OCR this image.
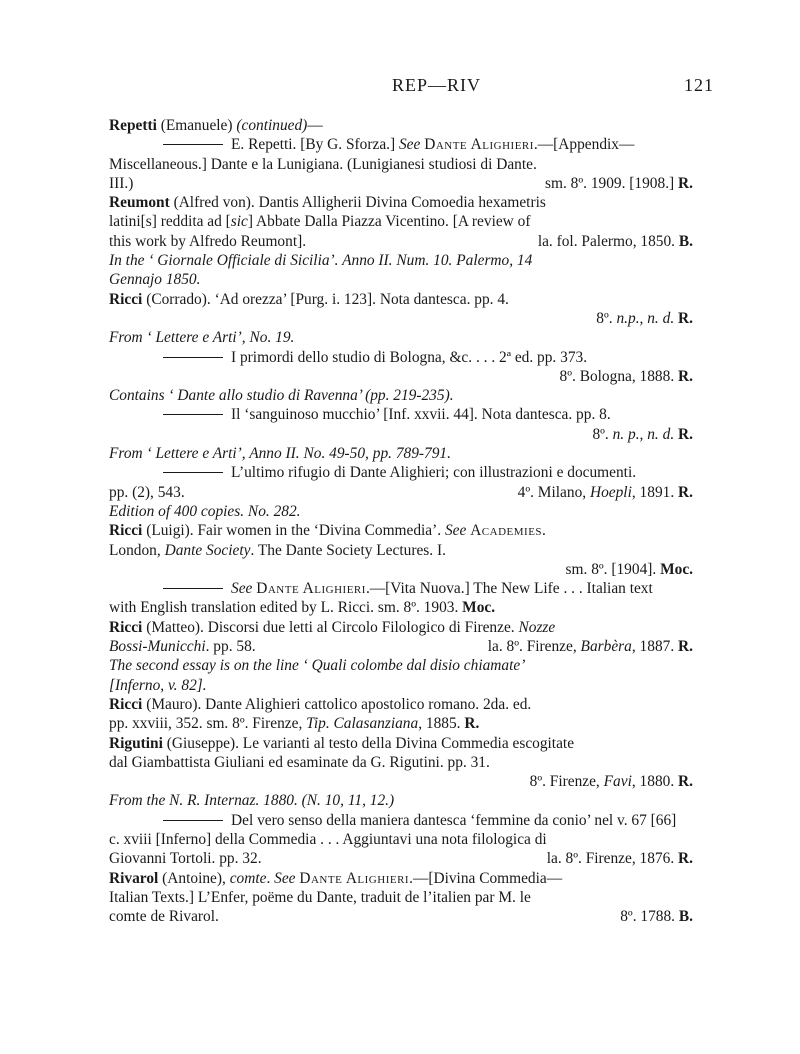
REP—RIV	121

Repetti (Emanuele) (continued)—

E. Repetti. [By G. Sforza.] See Dante Alighieri.—[Appendix—

Miscellaneous.] Dante e la Lunigiana. (Lunigianesi studiosi di Dante.

III.)	sm. 8º. 1909. [1908.] R.

Reumont (Alfred von). Dantis Alligherii Divina Comoedia hexametris

latini[s] reddita ad [sic] Abbate Dalla Piazza Vicentino. [A review of

this work by Alfredo Reumont].	la. fol. Palermo, 1850. B.

In the ‘ Giornale Officiale di Sicilia’. Anno II. Num. 10. Palermo, 14

Gennajo 1850.

Ricci (Corrado). ‘Ad orezza’ [Purg. i. 123]. Nota dantesca. pp. 4.

8º. n.p., n. d. R.

From ‘ Lettere e Arti’, No. 19.

I primordi dello studio di Bologna, &c. . . . 2ª ed. pp. 373.

8º. Bologna, 1888. R.

Contains ‘ Dante allo studio di Ravenna’ (pp. 219-235).

Il ‘sanguinoso mucchio’ [Inf. xxvii. 44]. Nota dantesca. pp. 8.

8º. n. p., n. d. R.

From ‘ Lettere e Arti’, Anno II. No. 49-50, pp. 789-791.

L’ultimo rifugio di Dante Alighieri; con illustrazioni e documenti.

pp. (2), 543.	4º. Milano, Hoepli, 1891. R.

Edition of 400 copies. No. 282.

Ricci (Luigi). Fair women in the ‘Divina Commedia’. See Academies.

London, Dante Society. The Dante Society Lectures. I.

sm. 8º. [1904]. Moc.

See Dante Alighieri.—[Vita Nuova.] The New Life . . . Italian text

with English translation edited by L. Ricci. sm. 8º. 1903. Moc.

Ricci (Matteo). Discorsi due letti al Circolo Filologico di Firenze. Nozze

Bossi-Municchi. pp. 58.	la. 8º. Firenze, Barbèra, 1887. R.

The second essay is on the line ‘ Quali colombe dal disio chiamate’

[Inferno, v. 82].

Ricci (Mauro). Dante Alighieri cattolico apostolico romano. 2da. ed.

pp. xxviii, 352. sm. 8º. Firenze, Tip. Calasanziana, 1885. R.

Rigutini (Giuseppe). Le varianti al testo della Divina Commedia escogitate

dal Giambattista Giuliani ed esaminate da G. Rigutini. pp. 31.

8º. Firenze, Favi, 1880. R.

From the N. R. Internaz. 1880. (N. 10, 11, 12.)

Del vero senso della maniera dantesca ‘femmine da conio’ nel v. 67 [66]

c. xviii [Inferno] della Commedia . . . Aggiuntavi una nota filologica di

Giovanni Tortoli. pp. 32.	la. 8º. Firenze, 1876. R.

Rivarol (Antoine), comte. See Dante Alighieri.—[Divina Commedia—

Italian Texts.] L’Enfer, poëme du Dante, traduit de l’italien par M. le

comte de Rivarol.	8º. 1788. B.
